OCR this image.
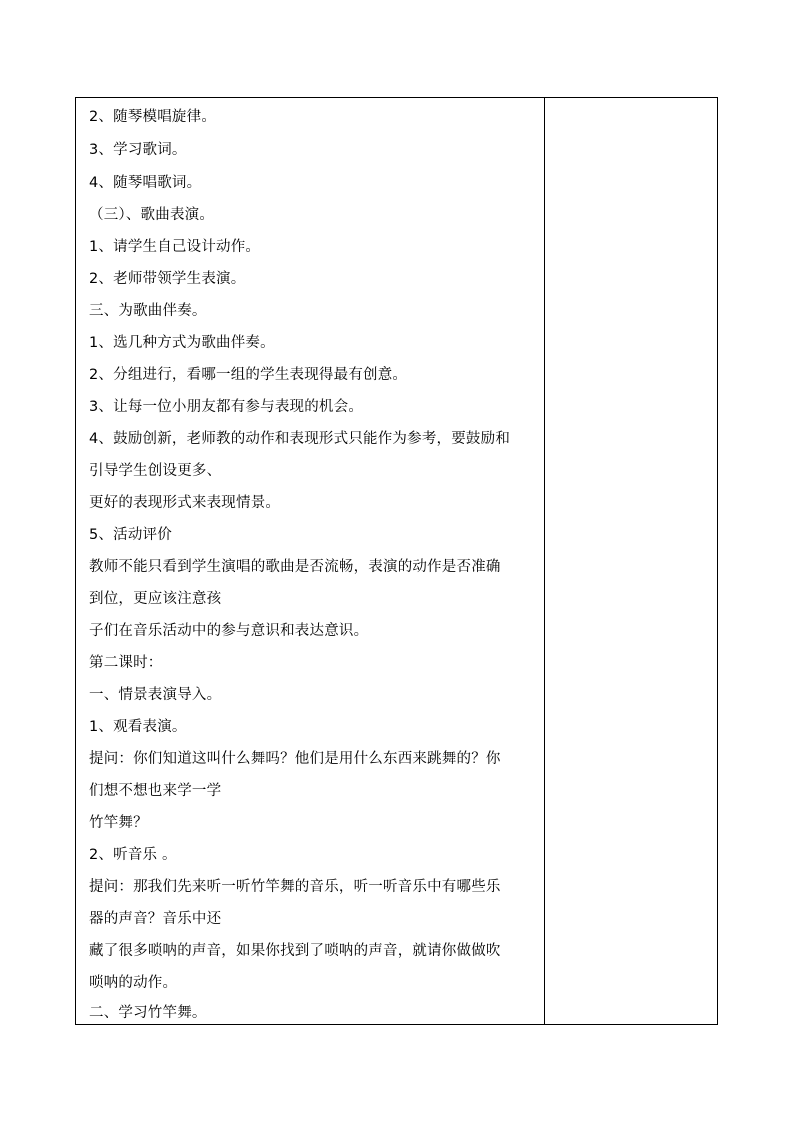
2、随琴模唱旋律。
3、学习歌词。
4、随琴唱歌词。
（三）、歌曲表演。
1、请学生自己设计动作。
2、老师带领学生表演。
三、为歌曲伴奏。
1、选几种方式为歌曲伴奏。
2、分组进行，看哪一组的学生表现得最有创意。
3、让每一位小朋友都有参与表现的机会。
4、鼓励创新，老师教的动作和表现形式只能作为参考，要鼓励和
引导学生创设更多、
更好的表现形式来表现情景。
5、活动评价
教师不能只看到学生演唱的歌曲是否流畅，表演的动作是否准确
到位，更应该注意孩
子们在音乐活动中的参与意识和表达意识。
第二课时：
一、情景表演导入。
1、观看表演。
提问：你们知道这叫什么舞吗？他们是用什么东西来跳舞的？你
们想不想也来学一学
竹竿舞？
2、听音乐 。
提问：那我们先来听一听竹竿舞的音乐，听一听音乐中有哪些乐
器的声音？音乐中还
藏了很多唢呐的声音，如果你找到了唢呐的声音，就请你做做吹
唢呐的动作。
二、学习竹竿舞。
